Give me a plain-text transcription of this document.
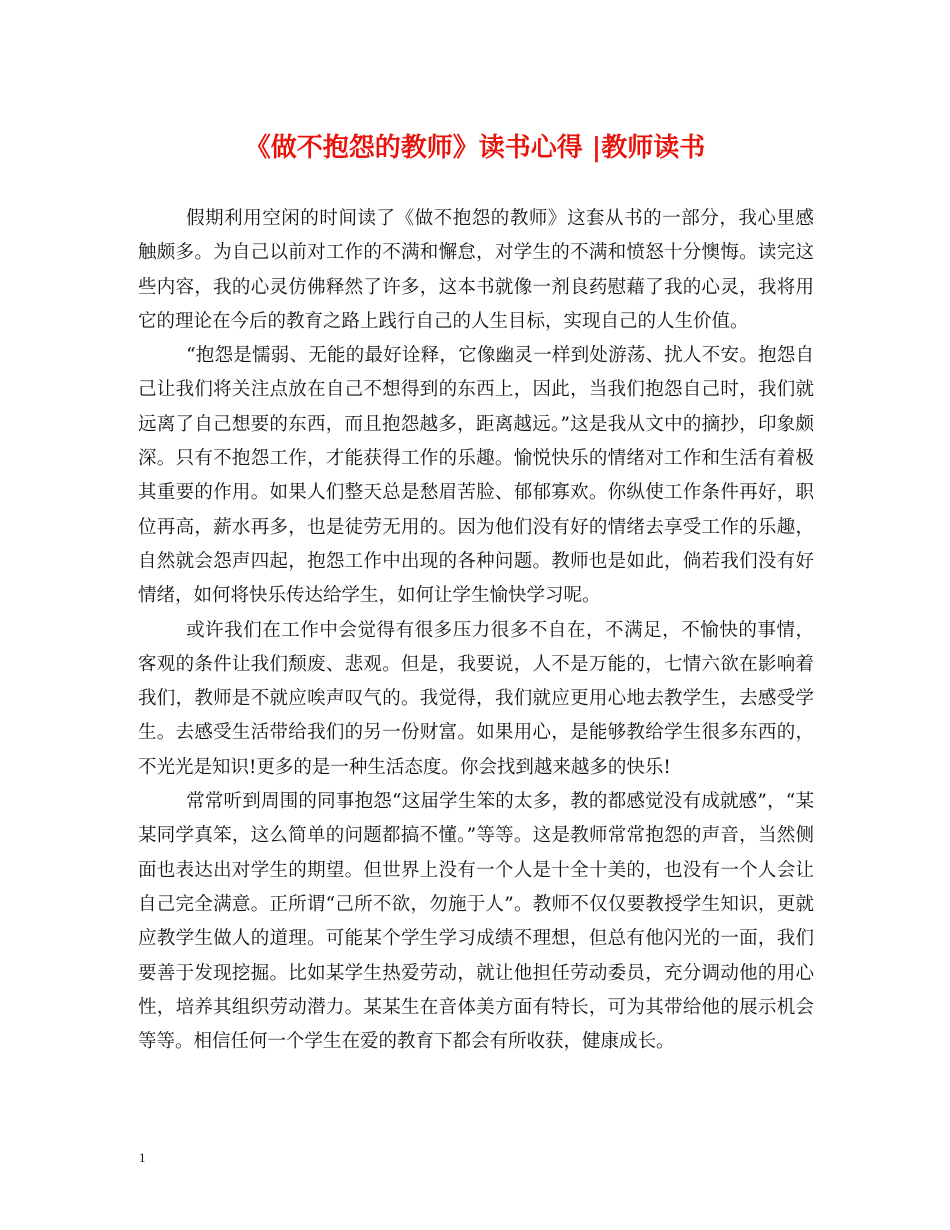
《做不抱怨的教师》读书心得 |教师读书

假期利用空闲的时间读了《做不抱怨的教师》这套从书的一部分，我心里感触颇多。为自己以前对工作的不满和懈怠，对学生的不满和愤怒十分懊悔。读完这些内容，我的心灵仿佛释然了许多，这本书就像一剂良药慰藉了我的心灵，我将用它的理论在今后的教育之路上践行自己的人生目标，实现自己的人生价值。

“抱怨是懦弱、无能的最好诠释，它像幽灵一样到处游荡、扰人不安。抱怨自己让我们将关注点放在自己不想得到的东西上，因此，当我们抱怨自己时，我们就远离了自己想要的东西，而且抱怨越多，距离越远。”这是我从文中的摘抄，印象颇深。只有不抱怨工作，才能获得工作的乐趣。愉悦快乐的情绪对工作和生活有着极其重要的作用。如果人们整天总是愁眉苦脸、郁郁寡欢。你纵使工作条件再好，职位再高，薪水再多，也是徒劳无用的。因为他们没有好的情绪去享受工作的乐趣，自然就会怨声四起，抱怨工作中出现的各种问题。教师也是如此，倘若我们没有好情绪，如何将快乐传达给学生，如何让学生愉快学习呢。

或许我们在工作中会觉得有很多压力很多不自在，不满足，不愉快的事情，客观的条件让我们颓废、悲观。但是，我要说，人不是万能的，七情六欲在影响着我们，教师是不就应唉声叹气的。我觉得，我们就应更用心地去教学生，去感受学生。去感受生活带给我们的另一份财富。如果用心，是能够教给学生很多东西的，不光光是知识!更多的是一种生活态度。你会找到越来越多的快乐!

常常听到周围的同事抱怨“这届学生笨的太多，教的都感觉没有成就感”，“某某同学真笨，这么简单的问题都搞不懂。”等等。这是教师常常抱怨的声音，当然侧面也表达出对学生的期望。但世界上没有一个人是十全十美的，也没有一个人会让自己完全满意。正所谓“己所不欲，勿施于人”。教师不仅仅要教授学生知识，更就应教学生做人的道理。可能某个学生学习成绩不理想，但总有他闪光的一面，我们要善于发现挖掘。比如某学生热爱劳动，就让他担任劳动委员，充分调动他的用心性，培养其组织劳动潜力。某某生在音体美方面有特长，可为其带给他的展示机会等等。相信任何一个学生在爱的教育下都会有所收获，健康成长。

1
